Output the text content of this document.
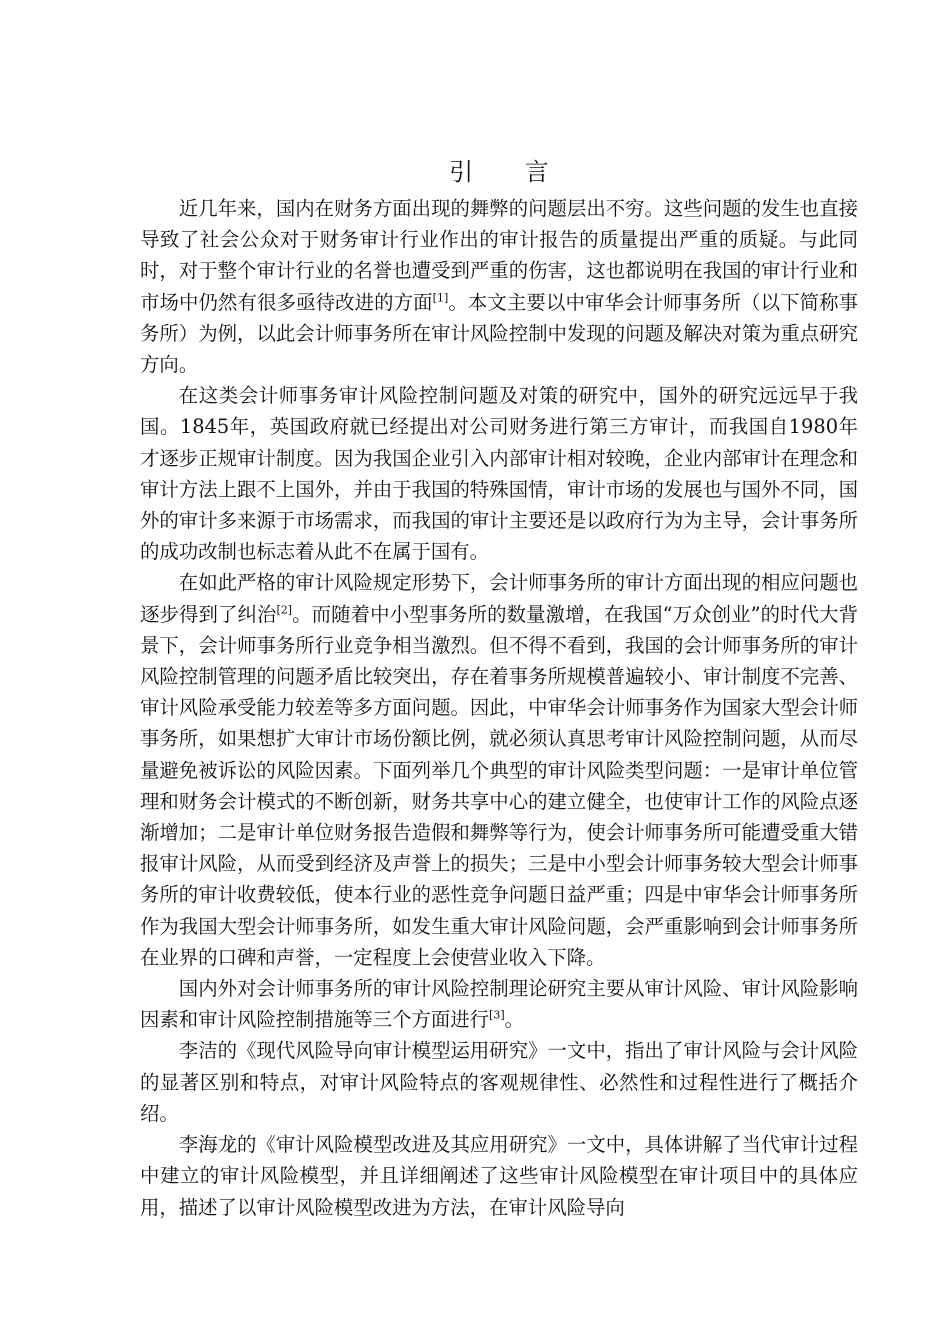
引 言

近几年来，国内在财务方面出现的舞弊的问题层出不穷。这些问题的发生也直接导致了社会公众对于财务审计行业作出的审计报告的质量提出严重的质疑。与此同时，对于整个审计行业的名誉也遭受到严重的伤害，这也都说明在我国的审计行业和市场中仍然有很多亟待改进的方面[1]。本文主要以中审华会计师事务所（以下简称事务所）为例，以此会计师事务所在审计风险控制中发现的问题及解决对策为重点研究方向。

在这类会计师事务审计风险控制问题及对策的研究中，国外的研究远远早于我国。1845年，英国政府就已经提出对公司财务进行第三方审计，而我国自1980年才逐步正规审计制度。因为我国企业引入内部审计相对较晚，企业内部审计在理念和审计方法上跟不上国外，并由于我国的特殊国情，审计市场的发展也与国外不同，国外的审计多来源于市场需求，而我国的审计主要还是以政府行为为主导，会计事务所的成功改制也标志着从此不在属于国有。

在如此严格的审计风险规定形势下，会计师事务所的审计方面出现的相应问题也逐步得到了纠治[2]。而随着中小型事务所的数量激增，在我国“万众创业”的时代大背景下，会计师事务所行业竞争相当激烈。但不得不看到，我国的会计师事务所的审计风险控制管理的问题矛盾比较突出，存在着事务所规模普遍较小、审计制度不完善、审计风险承受能力较差等多方面问题。因此，中审华会计师事务作为国家大型会计师事务所，如果想扩大审计市场份额比例，就必须认真思考审计风险控制问题，从而尽量避免被诉讼的风险因素。下面列举几个典型的审计风险类型问题：一是审计单位管理和财务会计模式的不断创新，财务共享中心的建立健全，也使审计工作的风险点逐渐增加；二是审计单位财务报告造假和舞弊等行为，使会计师事务所可能遭受重大错报审计风险，从而受到经济及声誉上的损失；三是中小型会计师事务较大型会计师事务所的审计收费较低，使本行业的恶性竞争问题日益严重；四是中审华会计师事务所作为我国大型会计师事务所，如发生重大审计风险问题，会严重影响到会计师事务所在业界的口碑和声誉，一定程度上会使营业收入下降。

国内外对会计师事务所的审计风险控制理论研究主要从审计风险、审计风险影响因素和审计风险控制措施等三个方面进行[3]。

李洁的《现代风险导向审计模型运用研究》一文中，指出了审计风险与会计风险的显著区别和特点，对审计风险特点的客观规律性、必然性和过程性进行了概括介绍。

李海龙的《审计风险模型改进及其应用研究》一文中，具体讲解了当代审计过程中建立的审计风险模型，并且详细阐述了这些审计风险模型在审计项目中的具体应用，描述了以审计风险模型改进为方法，在审计风险导向
